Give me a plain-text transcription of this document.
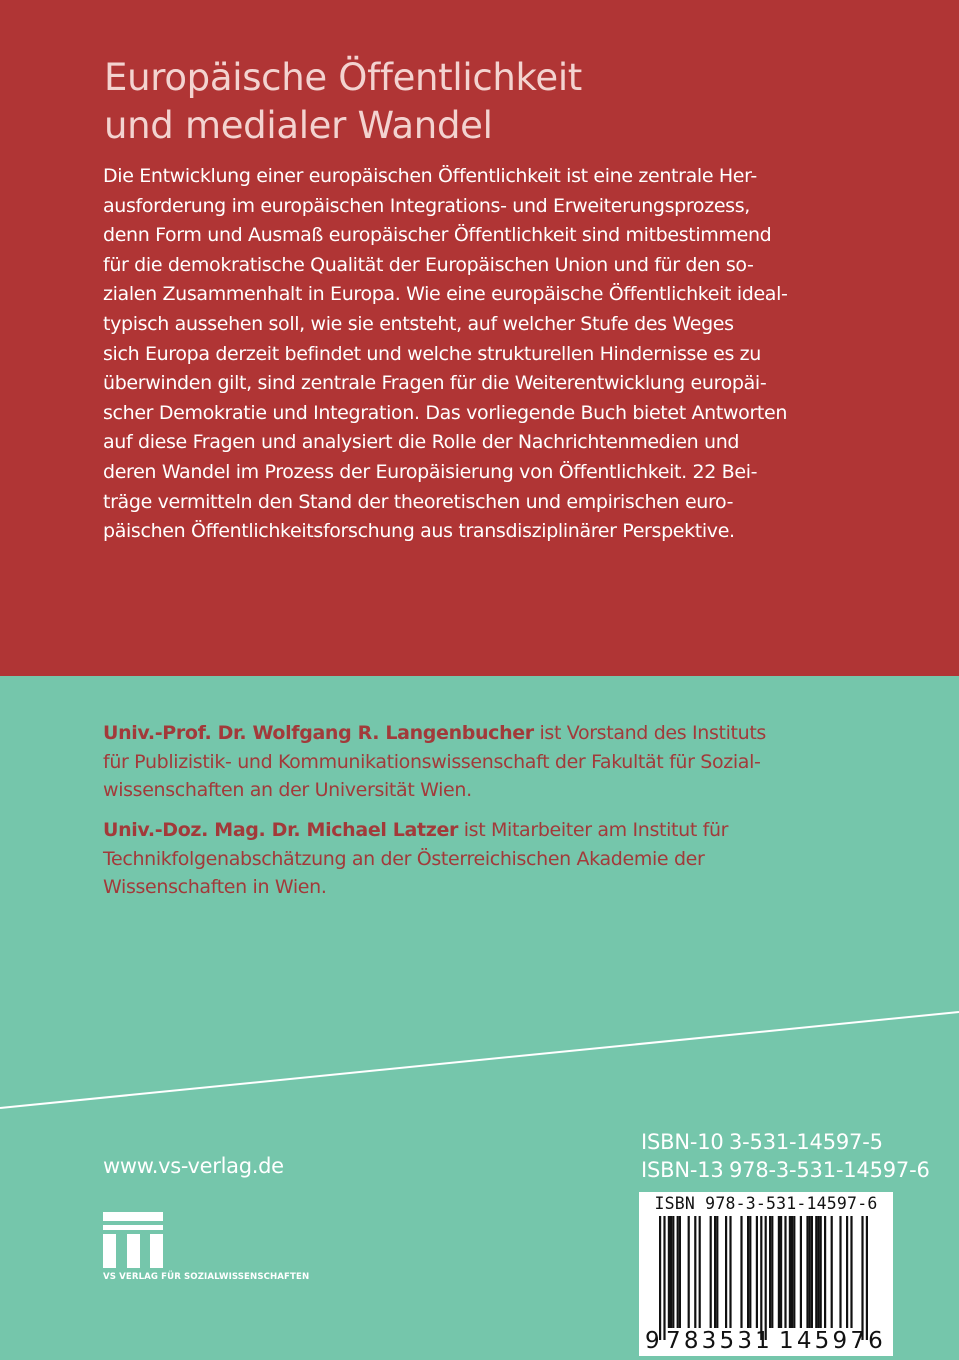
Europäische Öffentlichkeit
und medialer Wandel
Die Entwicklung einer europäischen Öffentlichkeit ist eine zentrale Her-
ausforderung im europäischen Integrations- und Erweiterungsprozess,
denn Form und Ausmaß europäischer Öffentlichkeit sind mitbestimmend
für die demokratische Qualität der Europäischen Union und für den so-
zialen Zusammenhalt in Europa. Wie eine europäische Öffentlichkeit ideal-
typisch aussehen soll, wie sie entsteht, auf welcher Stufe des Weges
sich Europa derzeit befindet und welche strukturellen Hindernisse es zu
überwinden gilt, sind zentrale Fragen für die Weiterentwicklung europäi-
scher Demokratie und Integration. Das vorliegende Buch bietet Antworten
auf diese Fragen und analysiert die Rolle der Nachrichtenmedien und
deren Wandel im Prozess der Europäisierung von Öffentlichkeit. 22 Bei-
träge vermitteln den Stand der theoretischen und empirischen euro-
päischen Öffentlichkeitsforschung aus transdisziplinärer Perspektive.
Univ.-Prof. Dr. Wolfgang R. Langenbucher ist Vorstand des Instituts
für Publizistik- und Kommunikationswissenschaft der Fakultät für Sozial-
wissenschaften an der Universität Wien.
Univ.-Doz. Mag. Dr. Michael Latzer ist Mitarbeiter am Institut für
Technikfolgenabschätzung an der Österreichischen Akademie der
Wissenschaften in Wien.
www.vs-verlag.de
VS VERLAG FÜR SOZIALWISSENSCHAFTEN
ISBN-10 3-531-14597-5
ISBN-13 978-3-531-14597-6
ISBN 978-3-531-14597-6
9 783531 145976
